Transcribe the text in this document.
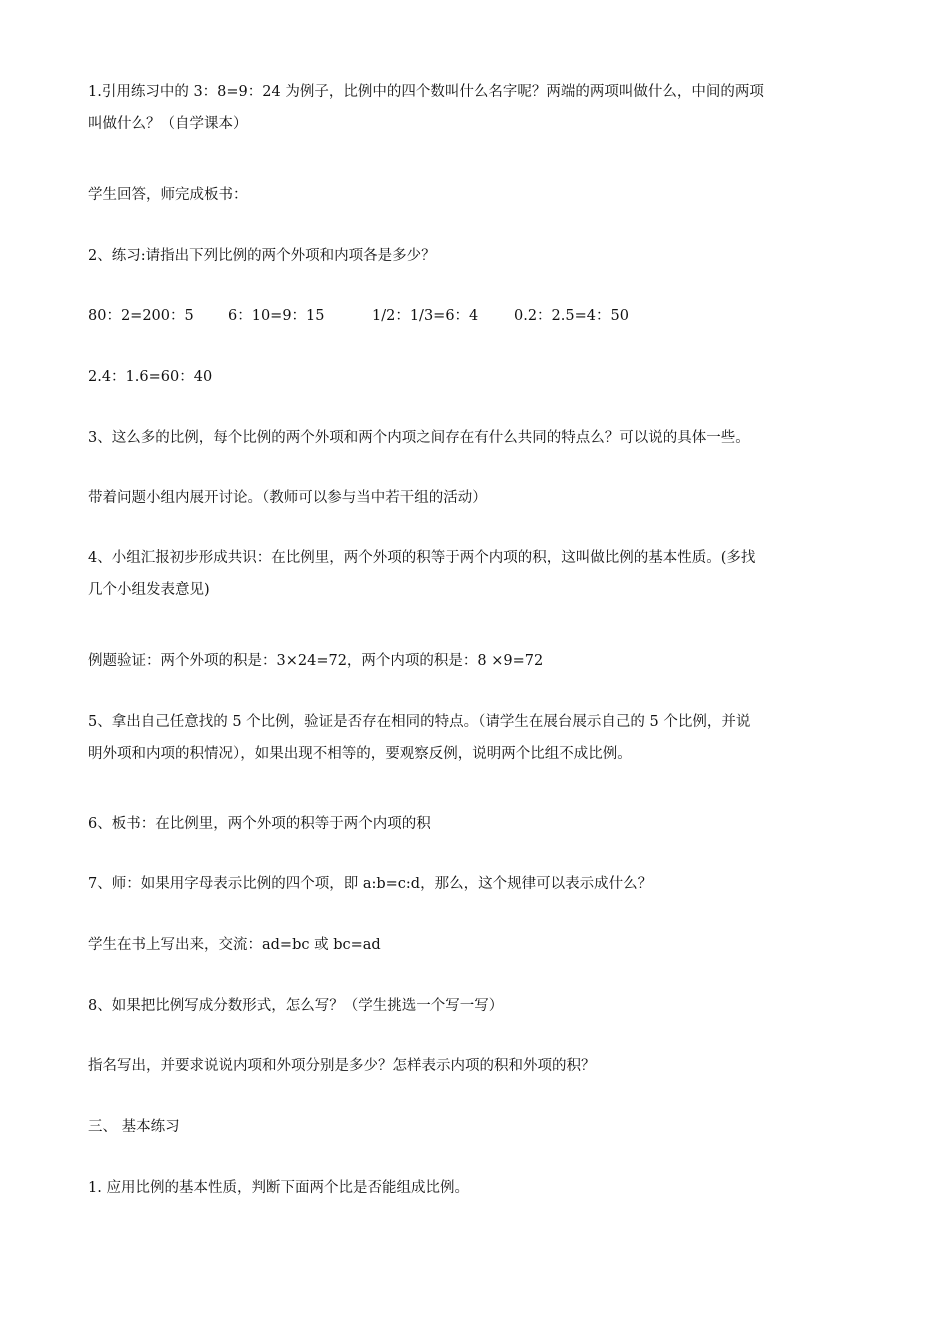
1.引用练习中的 3：8=9：24 为例子，比例中的四个数叫什么名字呢？两端的两项叫做什么，中间的两项
叫做什么？（自学课本）

学生回答，师完成板书：

2、练习:请指出下列比例的两个外项和内项各是多少？

80：2=200：5 6：10=9：15	1/2：1/3=6：4 0.2：2.5=4：50

2.4：1.6=60：40

3、这么多的比例，每个比例的两个外项和两个内项之间存在有什么共同的特点么？可以说的具体一些。

带着问题小组内展开讨论。（教师可以参与当中若干组的活动）

4、小组汇报初步形成共识：在比例里，两个外项的积等于两个内项的积，这叫做比例的基本性质。(多找
几个小组发表意见)

例题验证：两个外项的积是：3×24=72，两个内项的积是：8 ×9=72

5、拿出自己任意找的 5 个比例，验证是否存在相同的特点。（请学生在展台展示自己的 5 个比例，并说
明外项和内项的积情况），如果出现不相等的，要观察反例，说明两个比组不成比例。

6、板书：在比例里，两个外项的积等于两个内项的积

7、师：如果用字母表示比例的四个项，即 a:b=c:d，那么，这个规律可以表示成什么？

学生在书上写出来，交流：ad=bc 或 bc=ad

8、如果把比例写成分数形式，怎么写？（学生挑选一个写一写）

指名写出，并要求说说内项和外项分别是多少？怎样表示内项的积和外项的积？

三、 基本练习

1. 应用比例的基本性质，判断下面两个比是否能组成比例。
